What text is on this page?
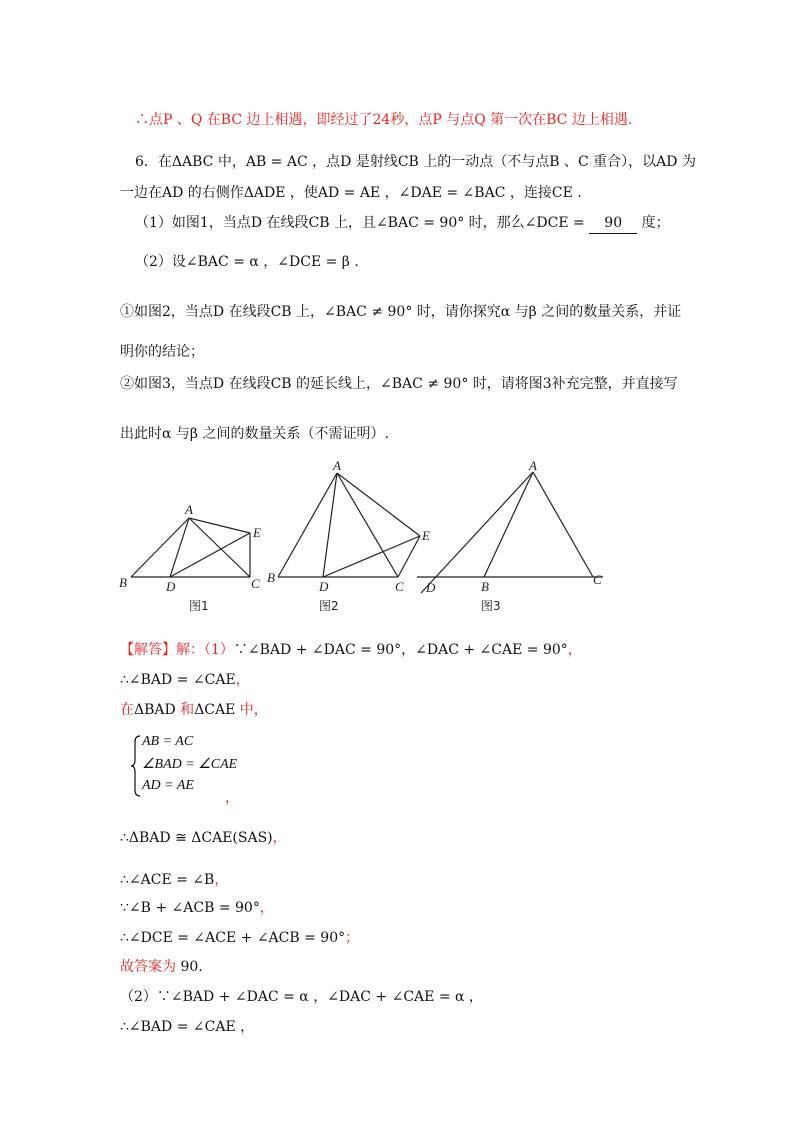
∴点P 、Q 在BC 边上相遇，即经过了24秒，点P 与点Q 第一次在BC 边上相遇.
6．在ΔABC 中，AB = AC ，点D 是射线CB 上的一动点（不与点B 、C 重合），以AD 为
一边在AD 的右侧作ΔADE ，使AD = AE ，∠DAE = ∠BAC ，连接CE .
（1）如图1，当点D 在线段CB 上，且∠BAC = 90° 时，那么∠DCE = 90 度；
（2）设∠BAC = α ，∠DCE = β .
①如图2，当点D 在线段CB 上，∠BAC ≠ 90° 时，请你探究α 与β 之间的数量关系，并证
明你的结论；
②如图3，当点D 在线段CB 的延长线上，∠BAC ≠ 90° 时，请将图3补充完整，并直接写
出此时α 与β 之间的数量关系（不需证明）.
A
B	C
D
E
图1
A
B
C
D
E
图2
A
B	C
D
图3
【解答】解：（1）∵∠BAD + ∠DAC = 90°，∠DAC + ∠CAE = 90°，
∴∠BAD = ∠CAE，
在ΔBAD 和ΔCAE 中，
AB = AC
∠BAD = ∠CAE
AD = AE
，
∴ΔBAD ≅ ΔCAE(SAS)，
∴∠ACE = ∠B，
∵∠B + ∠ACB = 90°，
∴∠DCE = ∠ACE + ∠ACB = 90°；
故答案为 90.
（2）∵∠BAD + ∠DAC = α ，∠DAC + ∠CAE = α ，
∴∠BAD = ∠CAE ，
